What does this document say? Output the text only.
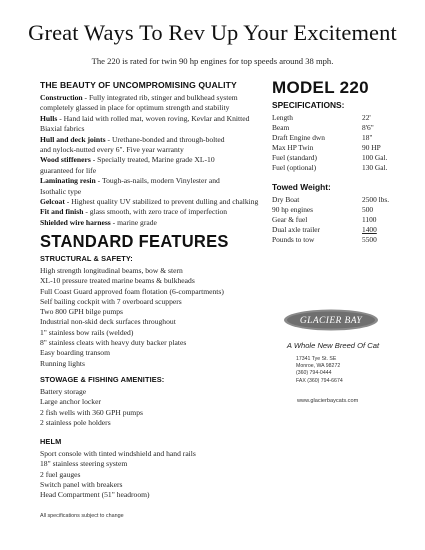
Great Ways To Rev Up Your Excitement
The 220 is rated for twin 90 hp engines for top speeds around 38 mph.
THE BEAUTY OF UNCOMPROMISING QUALITY
Construction - Fully integrated rib, stinger and bulkhead system
completely glassed in place for optimum strength and stability
Hulls - Hand laid with rolled mat, woven roving, Kevlar and Knitted
Biaxial fabrics
Hull and deck joints - Urethane-bonded and through-bolted
and nylock-nutted every 6". Five year warranty
Wood stiffeners - Specially treated, Marine grade XL-10
guaranteed for life
Laminating resin - Tough-as-nails, modern Vinylester and
Isothalic type
Gelcoat - Highest quality UV stabilized to prevent dulling and chalking
Fit and finish - glass smooth, with zero trace of imperfection
Shielded wire harness - marine grade
STANDARD FEATURES
STRUCTURAL & SAFETY:
High strength longitudinal beams, bow & stern
XL-10 pressure treated marine beams & bulkheads
Full Coast Guard approved foam flotation (6-compartments)
Self bailing cockpit with 7 overboard scuppers
Two 800 GPH bilge pumps
Industrial non-skid deck surfaces throughout
1" stainless bow rails (welded)
8" stainless cleats with heavy duty backer plates
Easy boarding transom
Running lights
STOWAGE & FISHING AMENITIES:
Battery storage
Large anchor locker
2 fish wells with 360 GPH pumps
2 stainless pole holders
HELM
Sport console with tinted windshield and hand rails
18" stainless steering system
2 fuel gauges
Switch panel with breakers
Head Compartment (51" headroom)
MODEL 220
SPECIFICATIONS:
Length	22'
Beam	8'6"
Draft Engine dwn	18"
Max HP Twin	90 HP
Fuel (standard)	100 Gal.
Fuel (optional)	130 Gal.
Towed Weight:
Dry Boat	2500 lbs.
90 hp engines	500
Gear & fuel	1100
Dual axle trailer	1400
Pounds to tow	5500
GLACIER BAY
A Whole New Breed Of Cat
17341 Tye St. SE
Monroe, WA 98272
(360) 794-0444
FAX (360) 794-6674
www.glacierbaycats.com
All specifications subject to change
